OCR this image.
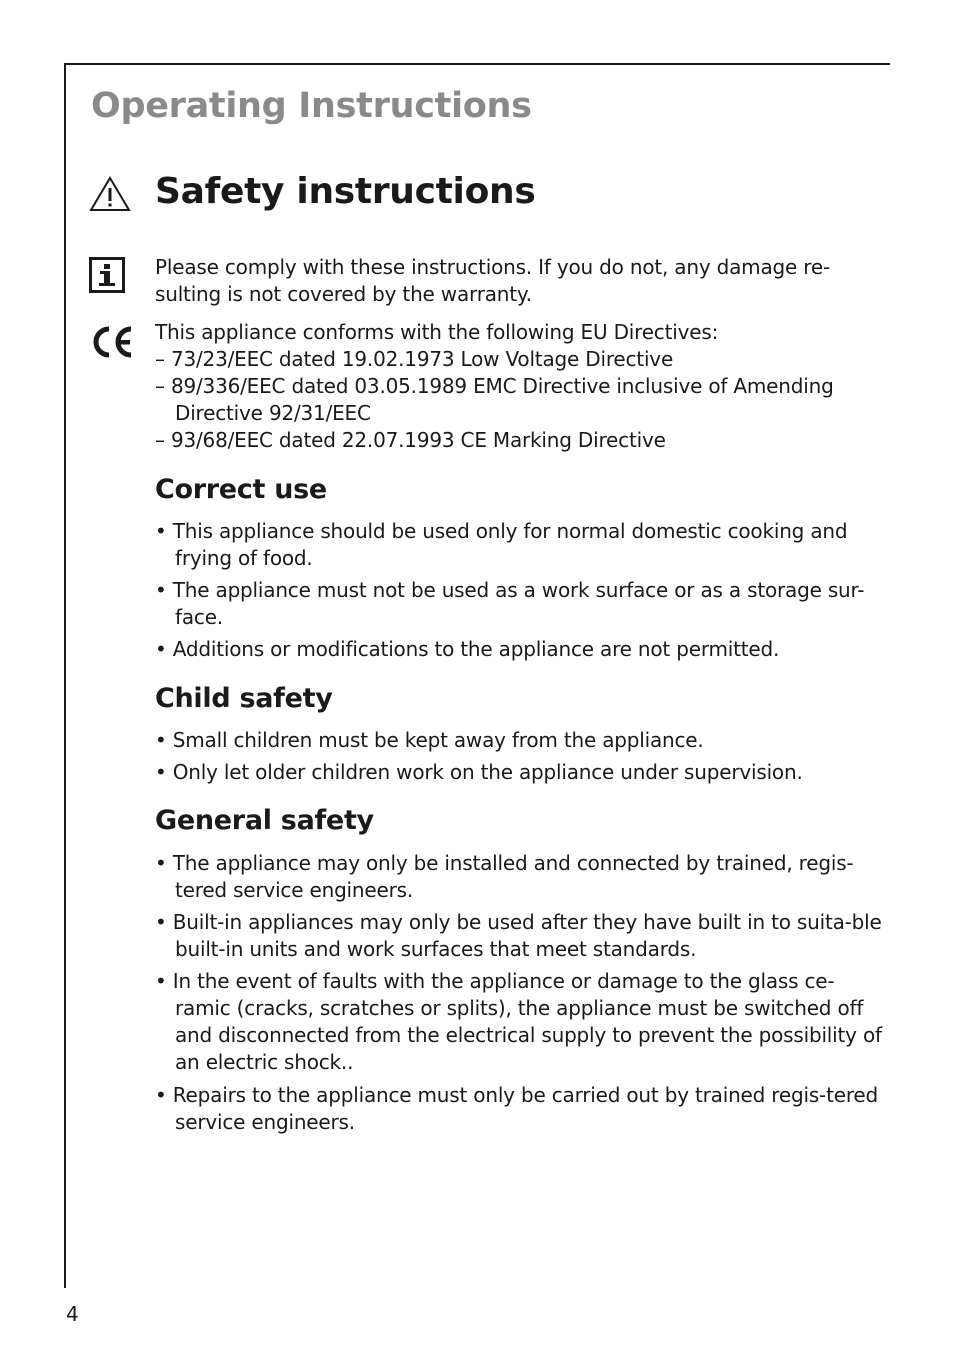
Operating Instructions
Safety instructions

Please comply with these instructions. If you do not, any damage re-
sulting is not covered by the warranty.

This appliance conforms with the following EU Directives:

– 73/23/EEC dated 19.02.1973 Low Voltage Directive

– 89/336/EEC dated 03.05.1989 EMC Directive inclusive of Amending Directive 92/31/EEC

– 93/68/EEC dated 22.07.1993 CE Marking Directive

Correct use

• This appliance should be used only for normal domestic cooking and frying of food.

• The appliance must not be used as a work surface or as a storage sur-face.

• Additions or modifications to the appliance are not permitted.

Child safety

• Small children must be kept away from the appliance.

• Only let older children work on the appliance under supervision.

General safety

• The appliance may only be installed and connected by trained, regis-tered service engineers.

• Built-in appliances may only be used after they have built in to suita-ble built-in units and work surfaces that meet standards.

• In the event of faults with the appliance or damage to the glass ce-ramic (cracks, scratches or splits), the appliance must be switched off and disconnected from the electrical supply to prevent the possibility of an electric shock..

• Repairs to the appliance must only be carried out by trained regis-tered service engineers.

4
